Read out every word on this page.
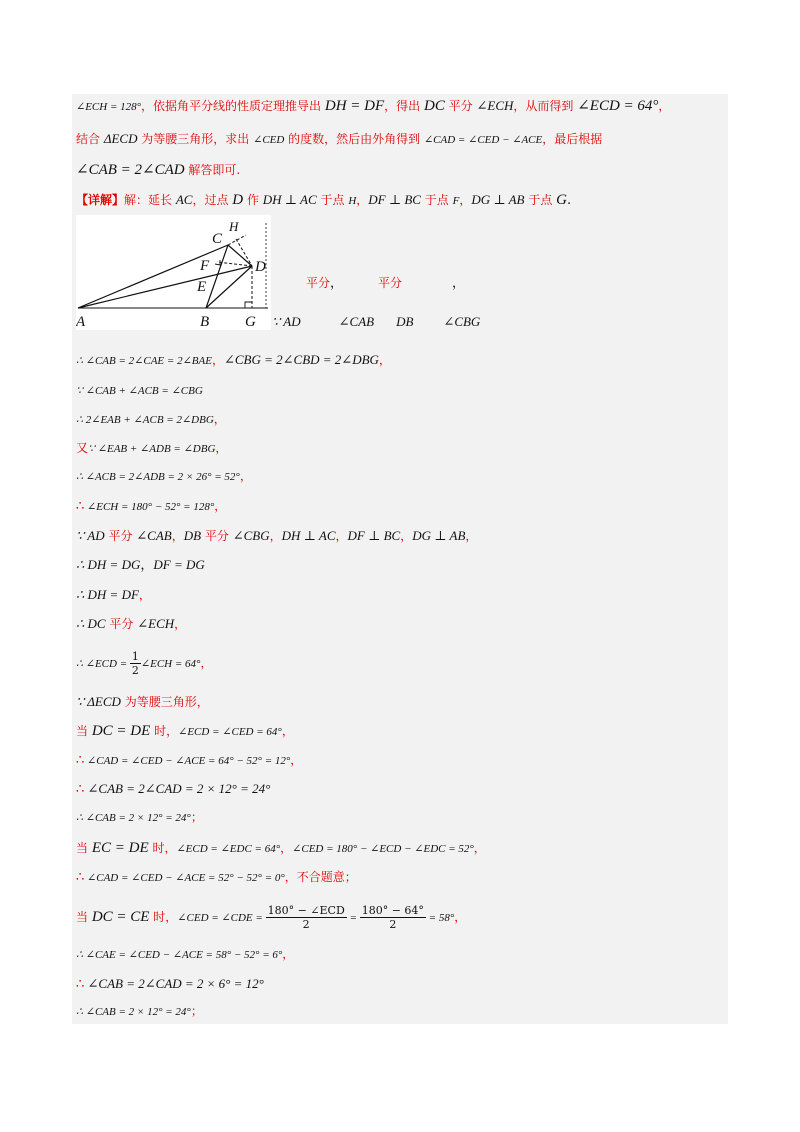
∠ECH = 128°，依据角平分线的性质定理推导出 DH = DF，得出 DC 平分 ∠ECH，从而得到 ∠ECD = 64°，
结合 ΔECD 为等腰三角形，求出 ∠CED 的度数，然后由外角得到 ∠CAD = ∠CED − ∠ACE，最后根据
∠CAB = 2∠CAD 解答即可.
【详解】解：延长 AC，过点 D 作 DH ⊥ AC 于点 H，DF ⊥ BC 于点 F，DG ⊥ AB 于点 G.
A	B
C
D
E
F
G
H
平分，	平分	，
∵ AD	∠CAB DB ∠CBG
∴ ∠CAB = 2∠CAE = 2∠BAE，∠CBG = 2∠CBD = 2∠DBG，
∵ ∠CAB + ∠ACB = ∠CBG
∴ 2∠EAB + ∠ACB = 2∠DBG，
又∵ ∠EAB + ∠ADB = ∠DBG，
∴ ∠ACB = 2∠ADB = 2 × 26° = 52°，
∴ ∠ECH = 180° − 52° = 128°，
∵ AD 平分 ∠CAB，DB 平分 ∠CBG，DH ⊥ AC，DF ⊥ BC，DG ⊥ AB，
∴ DH = DG，DF = DG
∴ DH = DF，
∴ DC 平分 ∠ECH，
∴ ∠ECD = $\frac{1}{2}$ ∠ECH = 64°，
∵ ΔECD 为等腰三角形，
当 DC = DE 时，∠ECD = ∠CED = 64°，
∴ ∠CAD = ∠CED − ∠ACE = 64° − 52° = 12°，
∴ ∠CAB = 2∠CAD = 2 × 12° = 24°
∴ ∠CAB = 2 × 12° = 24°；
当 EC = DE 时，∠ECD = ∠EDC = 64°，∠CED = 180° − ∠ECD − ∠EDC = 52°，
∴ ∠CAD = ∠CED − ∠ACE = 52° − 52° = 0°，不合题意；
当 DC = CE 时，∠CED = ∠CDE = $\frac{\text{180° − ∠ECD}}{2} = \frac{180^\circ - 64^\circ}{2} = 58^\circ$，
∴ ∠CAE = ∠CED − ∠ACE = 58° − 52° = 6°，
∴ ∠CAB = 2∠CAD = 2 × 6° = 12°
∴ ∠CAB = 2 × 12° = 24°；
